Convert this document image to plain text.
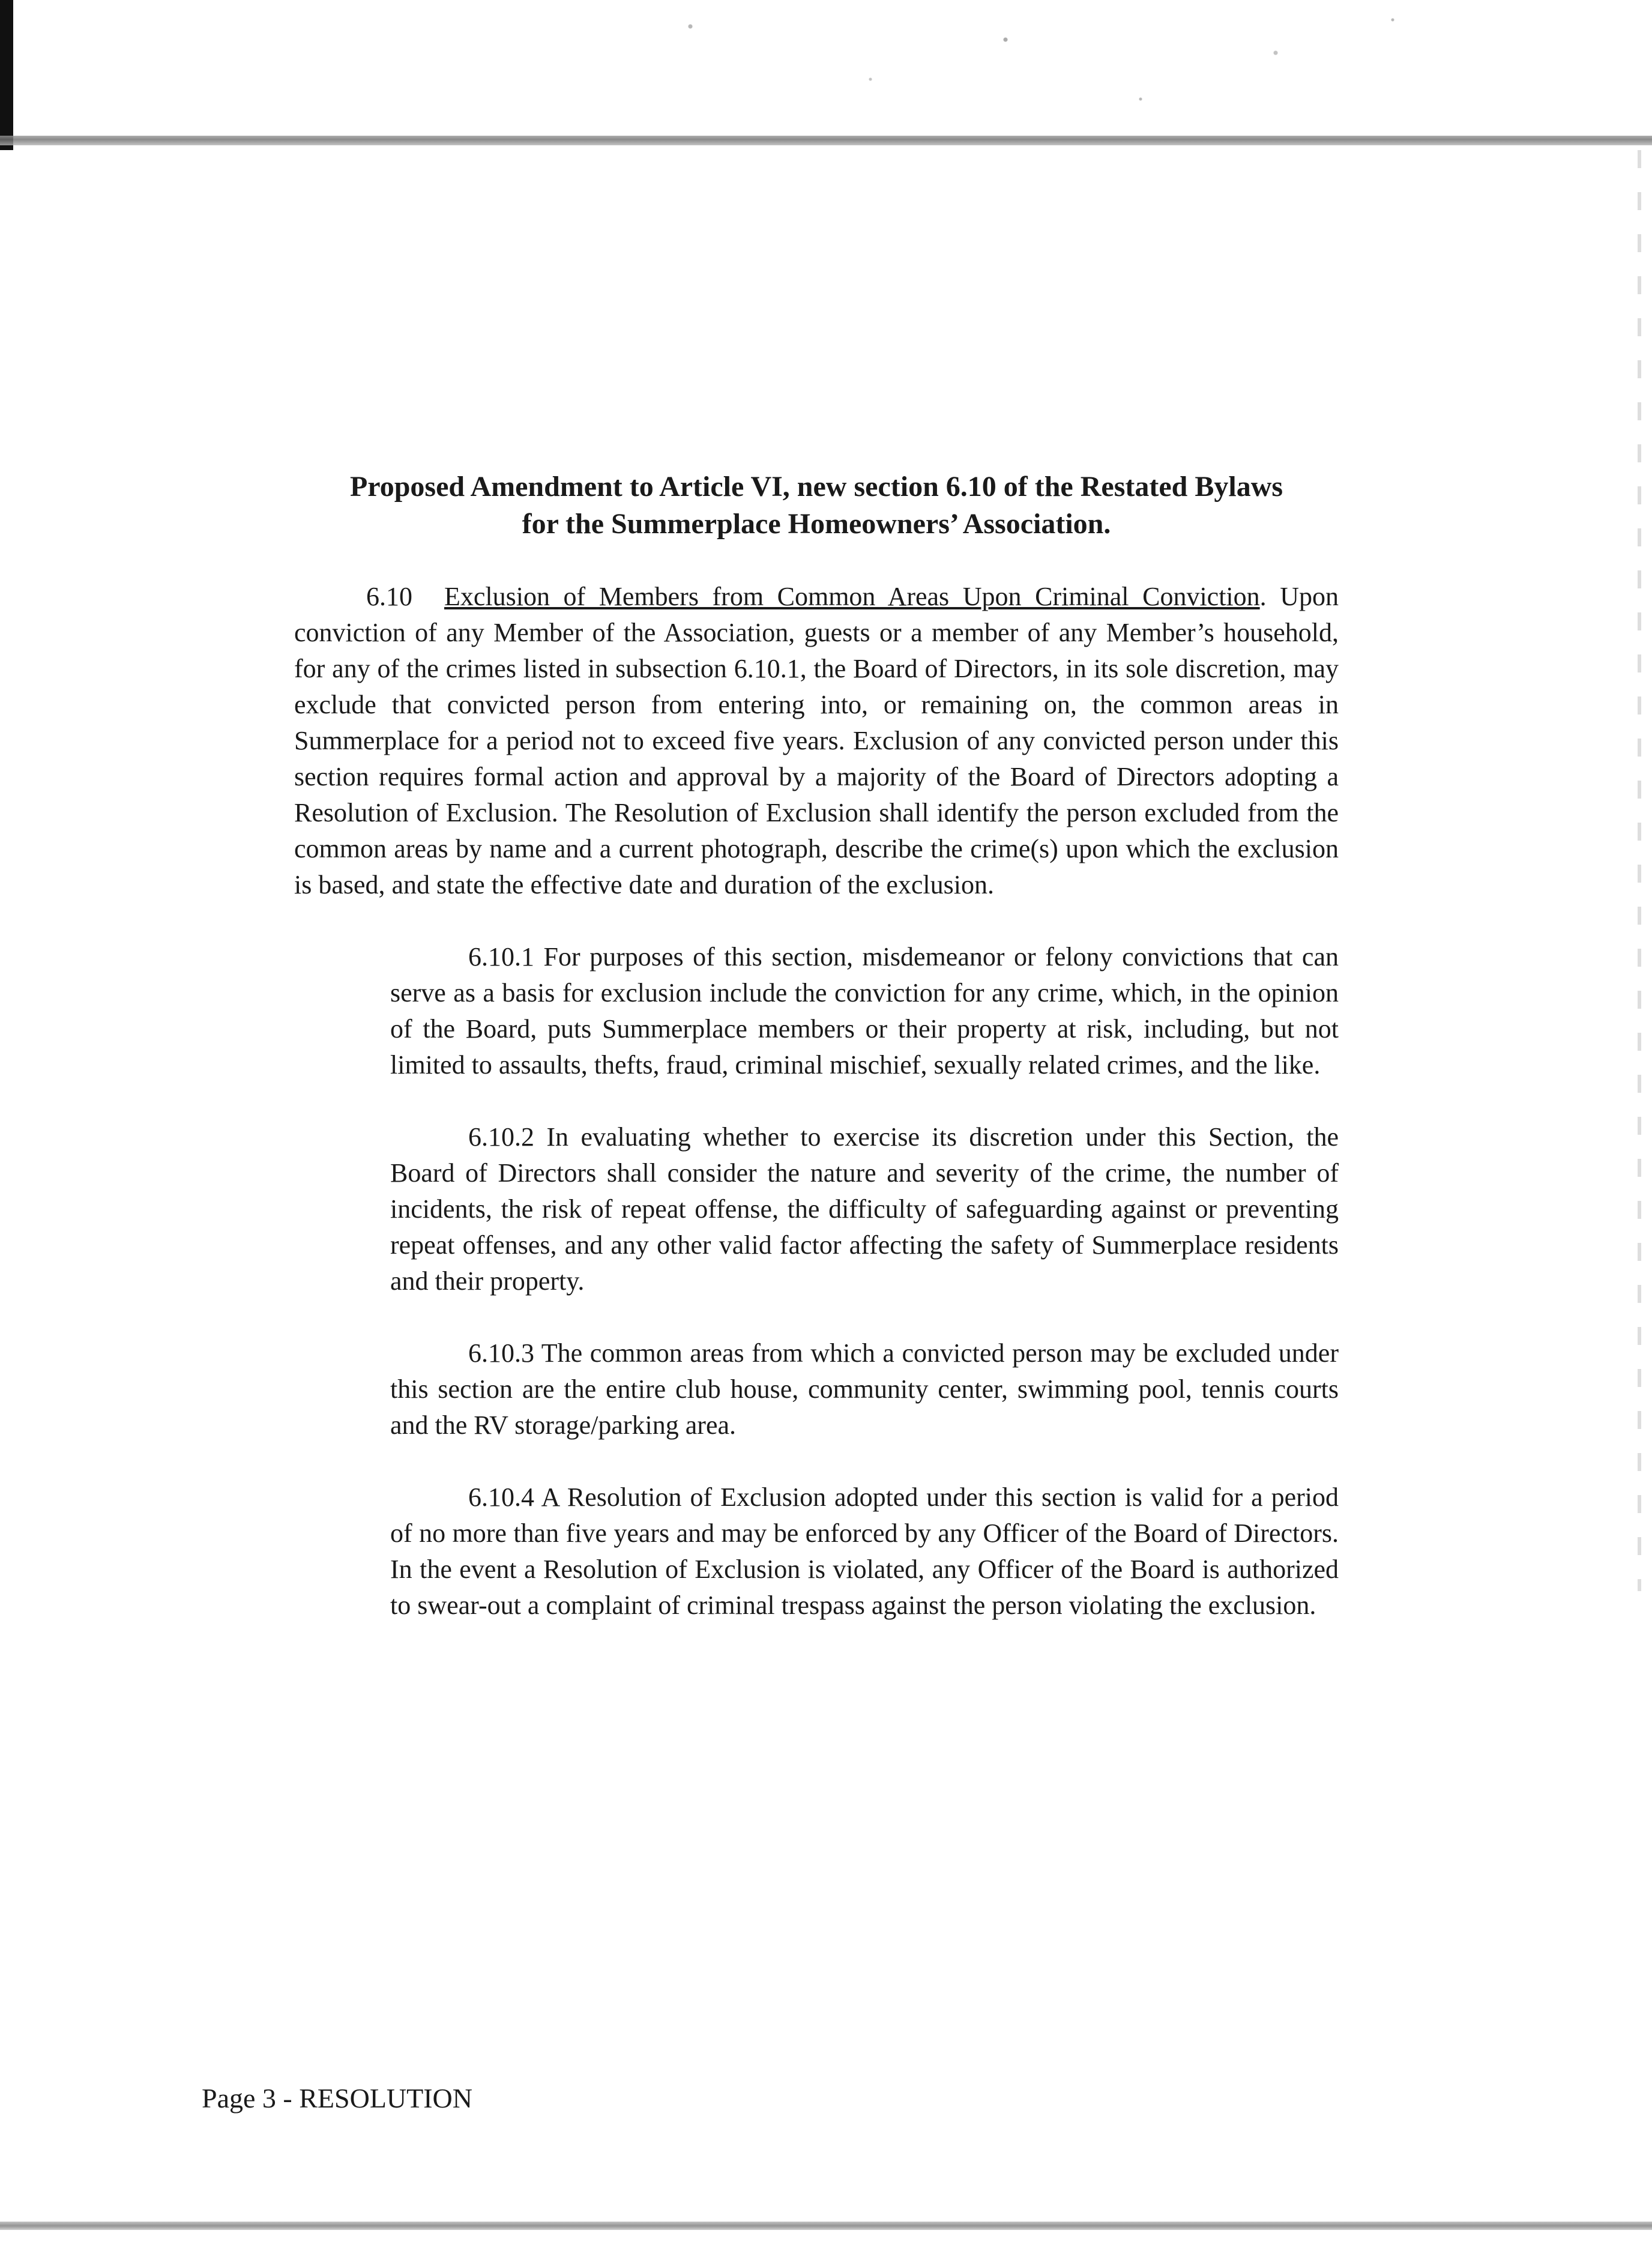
Proposed Amendment to Article VI, new section 6.10 of the Restated Bylaws
for the Summerplace Homeowners’ Association.

6.10 Exclusion of Members from Common Areas Upon Criminal Conviction. Upon conviction of any Member of the Association, guests or a member of any Member’s household, for any of the crimes listed in subsection 6.10.1, the Board of Directors, in its sole discretion, may exclude that convicted person from entering into, or remaining on, the common areas in Summerplace for a period not to exceed five years. Exclusion of any convicted person under this section requires formal action and approval by a majority of the Board of Directors adopting a Resolution of Exclusion. The Resolution of Exclusion shall identify the person excluded from the common areas by name and a current photograph, describe the crime(s) upon which the exclusion is based, and state the effective date and duration of the exclusion.

6.10.1 For purposes of this section, misdemeanor or felony convictions that can serve as a basis for exclusion include the conviction for any crime, which, in the opinion of the Board, puts Summerplace members or their property at risk, including, but not limited to assaults, thefts, fraud, criminal mischief, sexually related crimes, and the like.

6.10.2 In evaluating whether to exercise its discretion under this Section, the Board of Directors shall consider the nature and severity of the crime, the number of incidents, the risk of repeat offense, the difficulty of safeguarding against or preventing repeat offenses, and any other valid factor affecting the safety of Summerplace residents and their property.

6.10.3 The common areas from which a convicted person may be excluded under this section are the entire club house, community center, swimming pool, tennis courts and the RV storage/parking area.

6.10.4 A Resolution of Exclusion adopted under this section is valid for a period of no more than five years and may be enforced by any Officer of the Board of Directors. In the event a Resolution of Exclusion is violated, any Officer of the Board is authorized to swear-out a complaint of criminal trespass against the person violating the exclusion.

Page 3 - RESOLUTION
